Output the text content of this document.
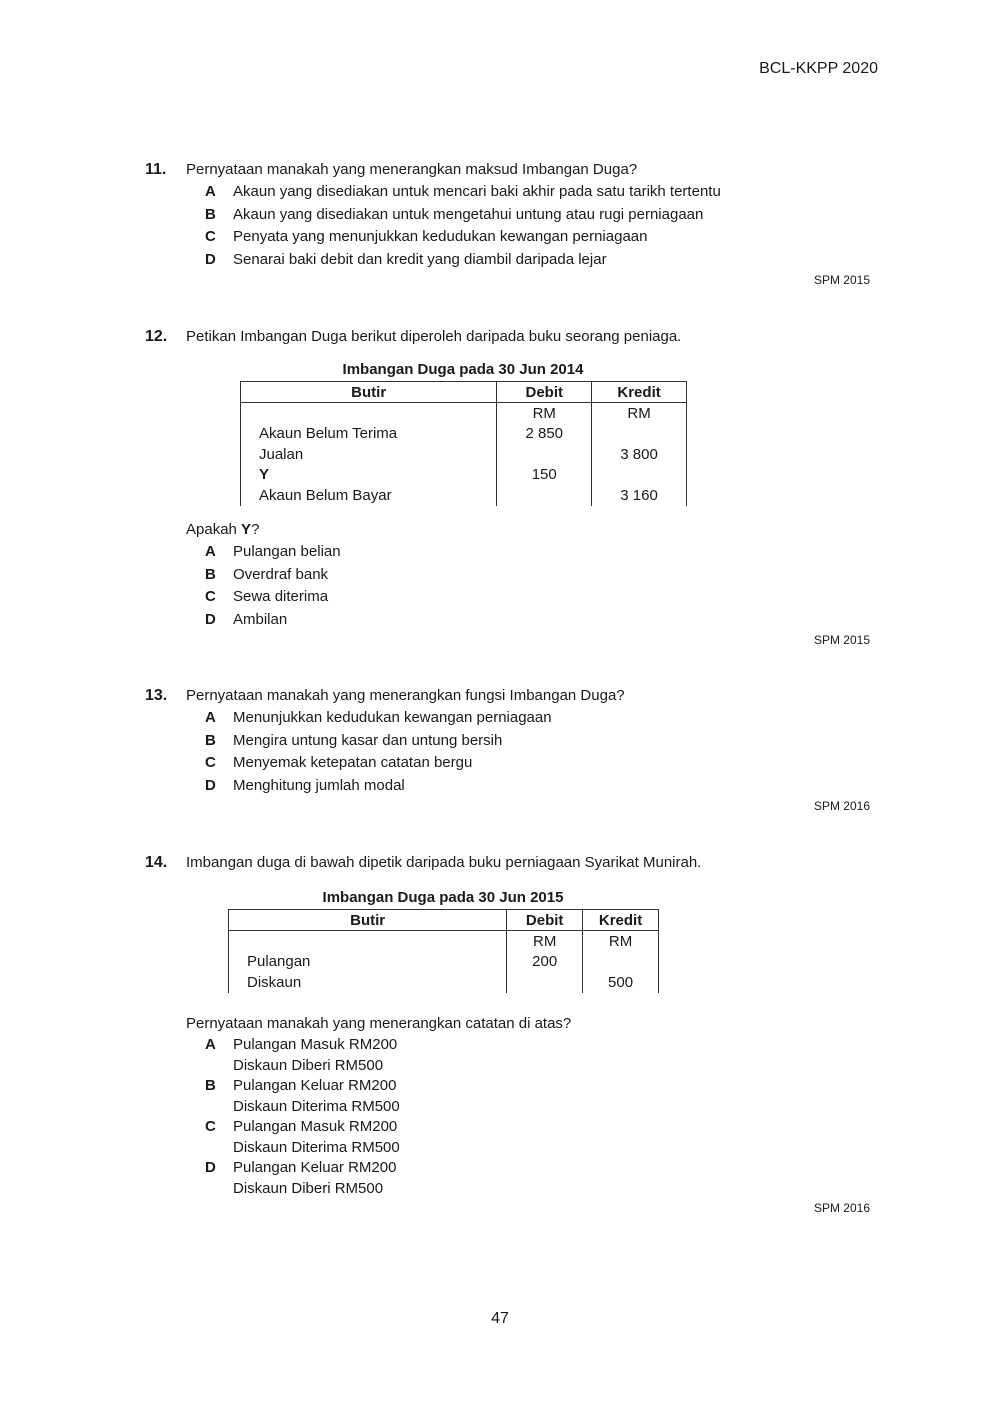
BCL-KKPP 2020
11.	Pernyataan manakah yang menerangkan maksud Imbangan Duga?
A	Akaun yang disediakan untuk mencari baki akhir pada satu tarikh tertentu
B	Akaun yang disediakan untuk mengetahui untung atau rugi perniagaan
C	Penyata yang menunjukkan kedudukan kewangan perniagaan
D	Senarai baki debit dan kredit yang diambil daripada lejar
SPM 2015
12.	Petikan Imbangan Duga berikut diperoleh daripada buku seorang peniaga.
Imbangan Duga pada 30 Jun 2014
Butir	Debit	Kredit
	RM	RM
Akaun Belum Terima	2 850	
Jualan		3 800
Y	150	
Akaun Belum Bayar		3 160
Apakah Y?
A	Pulangan belian
B	Overdraf bank
C	Sewa diterima
D	Ambilan
SPM 2015
13.	Pernyataan manakah yang menerangkan fungsi Imbangan Duga?
A	Menunjukkan kedudukan kewangan perniagaan
B	Mengira untung kasar dan untung bersih
C	Menyemak ketepatan catatan bergu
D	Menghitung jumlah modal
SPM 2016
14.	Imbangan duga di bawah dipetik daripada buku perniagaan Syarikat Munirah.
Imbangan Duga pada 30 Jun 2015
Butir	Debit	Kredit
	RM	RM
Pulangan	200	
Diskaun		500
Pernyataan manakah yang menerangkan catatan di atas?
A	Pulangan Masuk RM200
Diskaun Diberi RM500
B	Pulangan Keluar RM200
Diskaun Diterima RM500
C	Pulangan Masuk RM200
Diskaun Diterima RM500
D	Pulangan Keluar RM200
Diskaun Diberi RM500
SPM 2016
47
